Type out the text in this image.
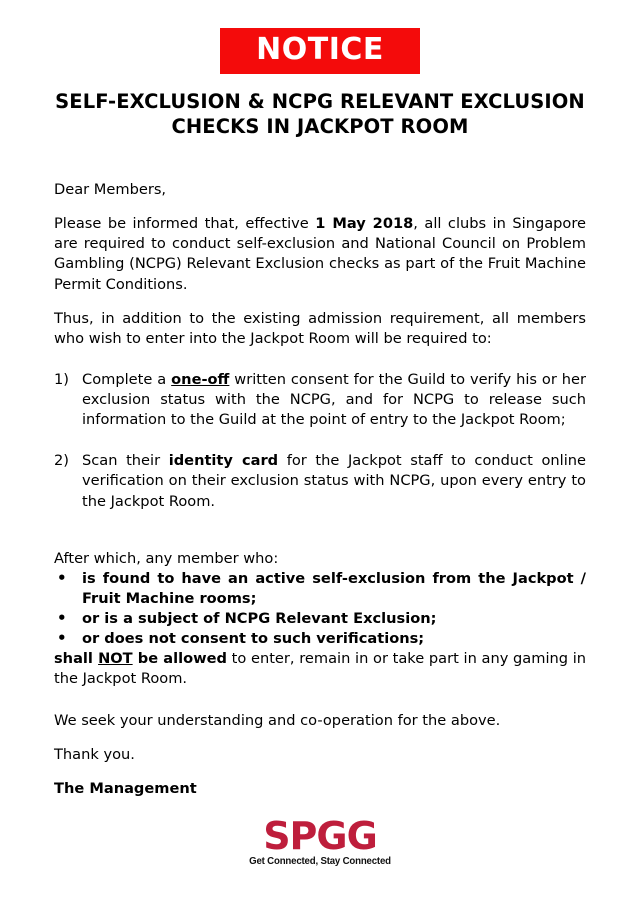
NOTICE
SELF-EXCLUSION & NCPG RELEVANT EXCLUSION
CHECKS IN JACKPOT ROOM
Dear Members,
Please be informed that, effective 1 May 2018, all clubs in Singapore are required to conduct self-exclusion and National Council on Problem Gambling (NCPG) Relevant Exclusion checks as part of the Fruit Machine Permit Conditions.
Thus, in addition to the existing admission requirement, all members who wish to enter into the Jackpot Room will be required to:
1) Complete a one-off written consent for the Guild to verify his or her exclusion status with the NCPG, and for NCPG to release such information to the Guild at the point of entry to the Jackpot Room;
2) Scan their identity card for the Jackpot staff to conduct online verification on their exclusion status with NCPG, upon every entry to the Jackpot Room.
After which, any member who:
• is found to have an active self-exclusion from the Jackpot / Fruit Machine rooms;
• or is a subject of NCPG Relevant Exclusion;
• or does not consent to such verifications;
shall NOT be allowed to enter, remain in or take part in any gaming in the Jackpot Room.
We seek your understanding and co-operation for the above.
Thank you.
The Management
SPGG
Get Connected, Stay Connected
